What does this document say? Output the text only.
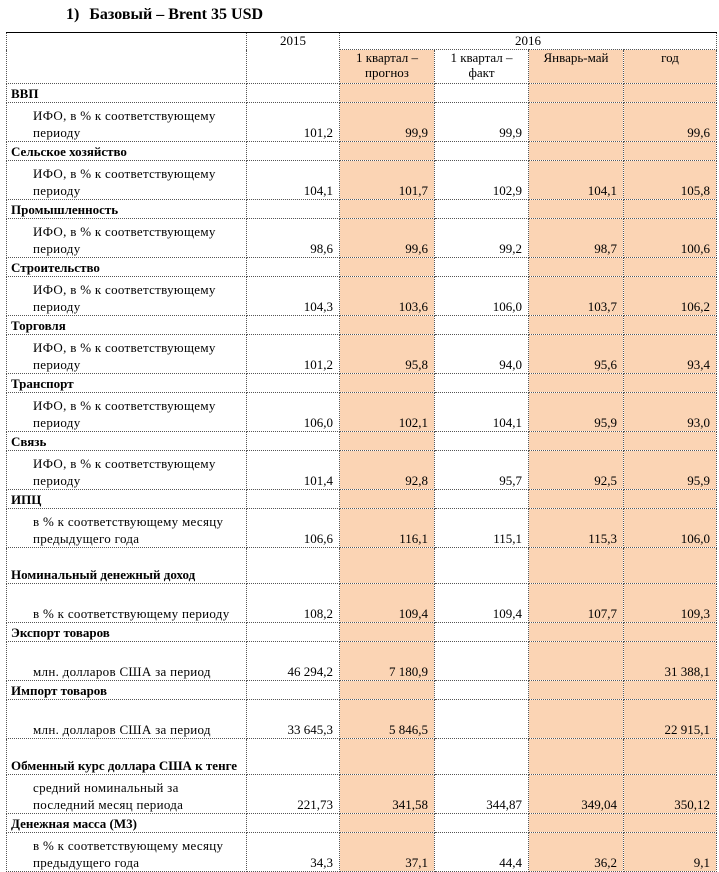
1) Базовый – Brent 35 USD
	2015	2016			
		1 квартал – прогноз	1 квартал – факт	Январь-май	год
ВВП					
ИФО, в % к соответствующему периоду	101,2	99,9	99,9		99,6
Сельское хозяйство					
ИФО, в % к соответствующему периоду	104,1	101,7	102,9	104,1	105,8
Промышленность					
ИФО, в % к соответствующему периоду	98,6	99,6	99,2	98,7	100,6
Строительство					
ИФО, в % к соответствующему периоду	104,3	103,6	106,0	103,7	106,2
Торговля					
ИФО, в % к соответствующему периоду	101,2	95,8	94,0	95,6	93,4
Транспорт					
ИФО, в % к соответствующему периоду	106,0	102,1	104,1	95,9	93,0
Связь					
ИФО, в % к соответствующему периоду	101,4	92,8	95,7	92,5	95,9
ИПЦ					
в % к соответствующему месяцу предыдущего года	106,6	116,1	115,1	115,3	106,0
Номинальный денежный доход					
в % к соответствующему периоду	108,2	109,4	109,4	107,7	109,3
Экспорт товаров					
млн. долларов США за период	46 294,2	7 180,9			31 388,1
Импорт товаров					
млн. долларов США за период	33 645,3	5 846,5			22 915,1
Обменный курс доллара США к тенге					
средний номинальный за последний месяц периода	221,73	341,58	344,87	349,04	350,12
Денежная масса (М3)					
в % к соответствующему месяцу предыдущего года	34,3	37,1	44,4	36,2	9,1
